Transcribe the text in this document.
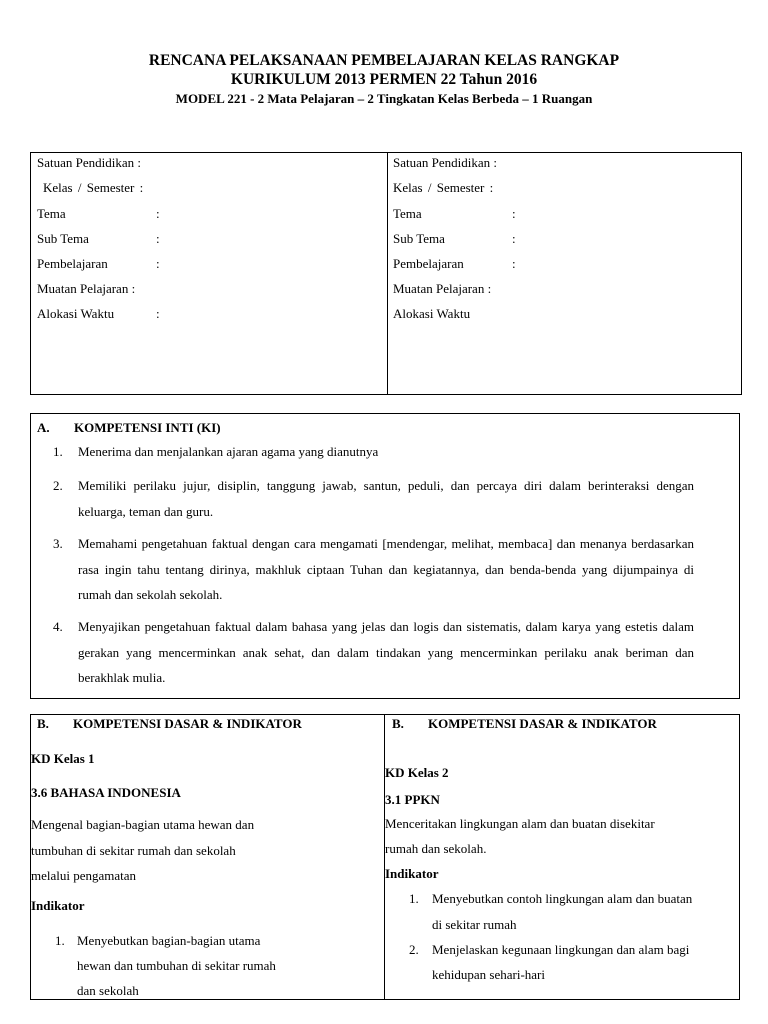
RENCANA PELAKSANAAN PEMBELAJARAN KELAS RANGKAP
KURIKULUM 2013 PERMEN 22 Tahun 2016
MODEL 221 - 2 Mata Pelajaran – 2 Tingkatan Kelas Berbeda – 1 Ruangan
Satuan Pendidikan :
Kelas / Semester :
Tema	:
Sub Tema	:
Pembelajaran	:
Muatan Pelajaran :
Alokasi Waktu	:
Satuan Pendidikan :
Kelas / Semester :
Tema	:
Sub Tema	:
Pembelajaran	:
Muatan Pelajaran :
Alokasi Waktu
A. KOMPETENSI INTI (KI)
1. Menerima dan menjalankan ajaran agama yang dianutnya
2. Memiliki perilaku jujur, disiplin, tanggung jawab, santun, peduli, dan percaya diri dalam berinteraksi dengan keluarga, teman dan guru.
3. Memahami pengetahuan faktual dengan cara mengamati [mendengar, melihat, membaca] dan menanya berdasarkan rasa ingin tahu tentang dirinya, makhluk ciptaan Tuhan dan kegiatannya, dan benda-benda yang dijumpainya di rumah dan sekolah sekolah.
4. Menyajikan pengetahuan faktual dalam bahasa yang jelas dan logis dan sistematis, dalam karya yang estetis dalam gerakan yang mencerminkan anak sehat, dan dalam tindakan yang mencerminkan perilaku anak beriman dan berakhlak mulia.
B. KOMPETENSI DASAR & INDIKATOR
KD Kelas 1
3.6 BAHASA INDONESIA
Mengenal bagian-bagian utama hewan dan
tumbuhan di sekitar rumah dan sekolah
melalui pengamatan
Indikator
1. Menyebutkan bagian-bagian utama
hewan dan tumbuhan di sekitar rumah
dan sekolah
B. KOMPETENSI DASAR & INDIKATOR
KD Kelas 2
3.1 PPKN
Menceritakan lingkungan alam dan buatan disekitar
rumah dan sekolah.
Indikator
1. Menyebutkan contoh lingkungan alam dan buatan
di sekitar rumah
2. Menjelaskan kegunaan lingkungan dan alam bagi
kehidupan sehari-hari
